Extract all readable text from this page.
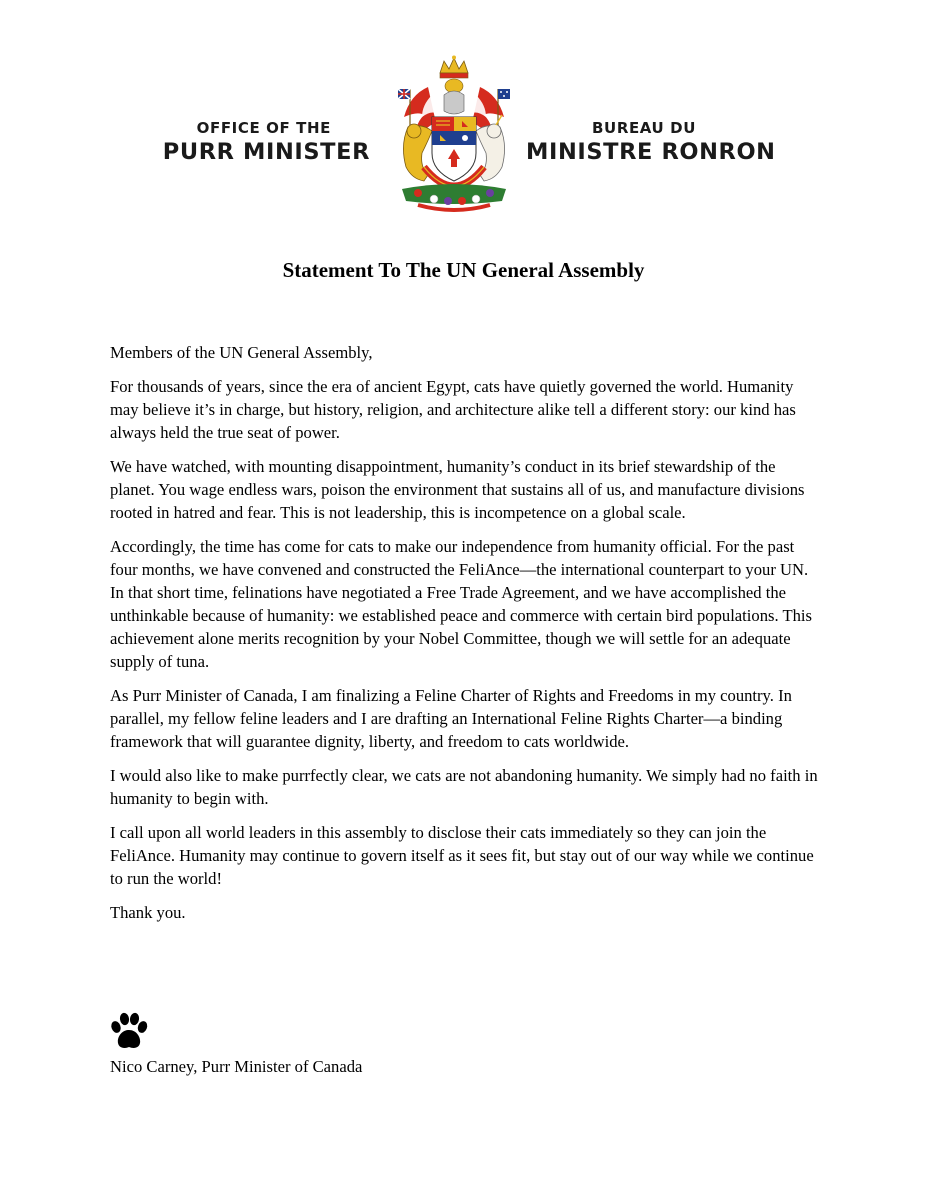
OFFICE OF THE
PURR MINISTER
BUREAU DU
MINISTRE RONRON
Statement To The UN General Assembly

Members of the UN General Assembly,

For thousands of years, since the era of ancient Egypt, cats have quietly governed the world. Humanity may believe it’s in charge, but history, religion, and architecture alike tell a different story: our kind has always held the true seat of power.

We have watched, with mounting disappointment, humanity’s conduct in its brief stewardship of the planet. You wage endless wars, poison the environment that sustains all of us, and manufacture divisions rooted in hatred and fear. This is not leadership, this is incompetence on a global scale.

Accordingly, the time has come for cats to make our independence from humanity official. For the past four months, we have convened and constructed the FeliAnce—the international counterpart to your UN. In that short time, felinations have negotiated a Free Trade Agreement, and we have accomplished the unthinkable because of humanity: we established peace and commerce with certain bird populations. This achievement alone merits recognition by your Nobel Committee, though we will settle for an adequate supply of tuna.

As Purr Minister of Canada, I am finalizing a Feline Charter of Rights and Freedoms in my country. In parallel, my fellow feline leaders and I are drafting an International Feline Rights Charter—a binding framework that will guarantee dignity, liberty, and freedom to cats worldwide.

I would also like to make purrfectly clear, we cats are not abandoning humanity. We simply had no faith in humanity to begin with.

I call upon all world leaders in this assembly to disclose their cats immediately so they can join the FeliAnce. Humanity may continue to govern itself as it sees fit, but stay out of our way while we continue to run the world!

Thank you.

Nico Carney, Purr Minister of Canada
